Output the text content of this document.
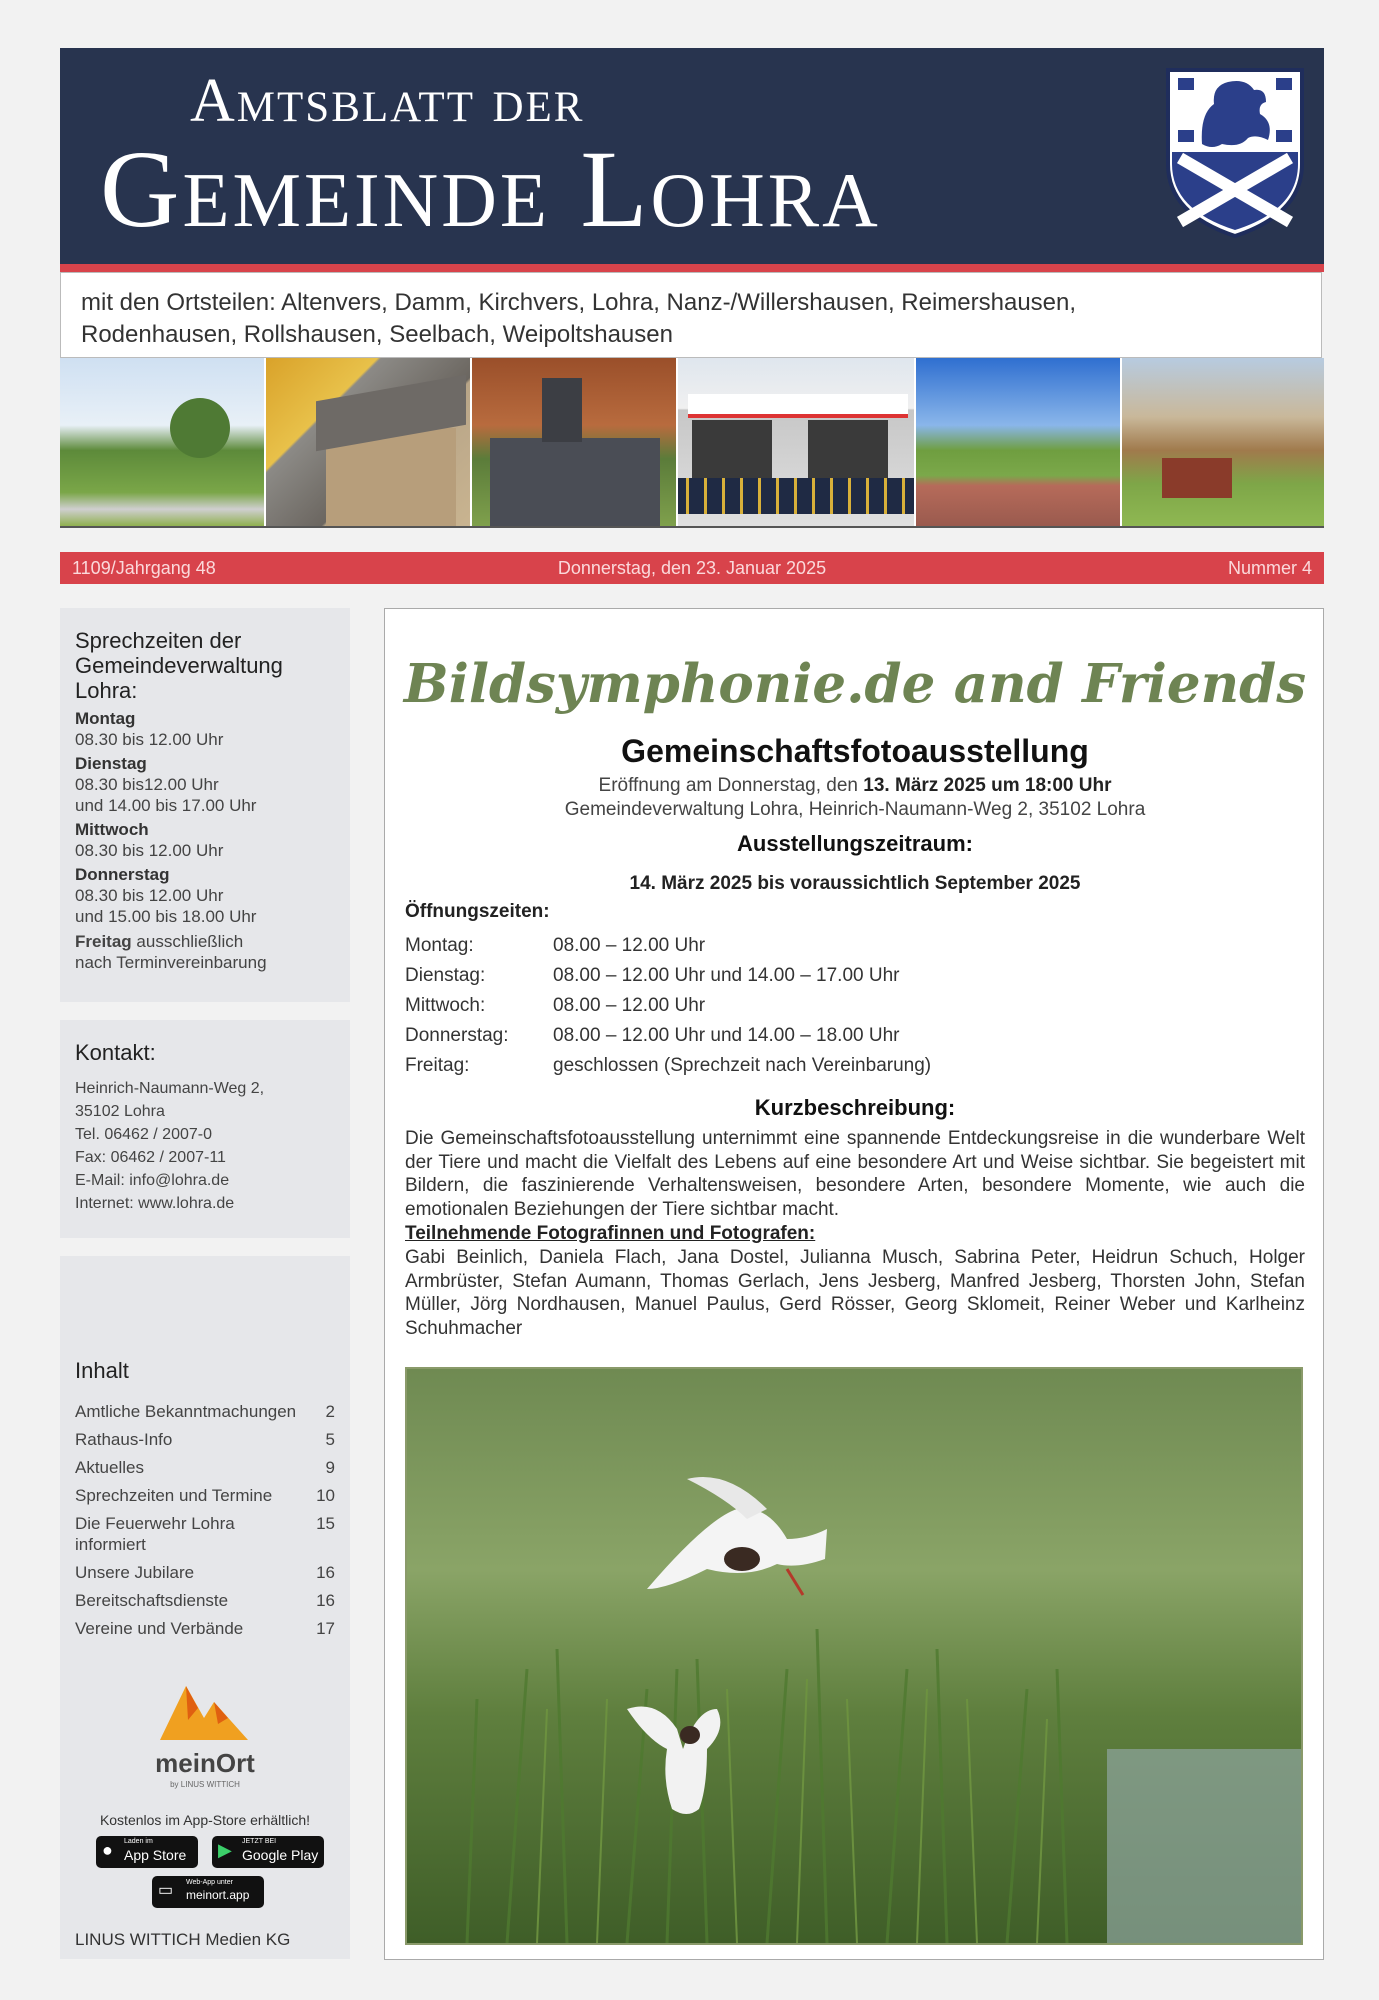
Amtsblatt der
Gemeinde Lohra
mit den Ortsteilen: Altenvers, Damm, Kirchvers, Lohra, Nanz-/Willershausen, Reimershausen,
Rodenhausen, Rollshausen, Seelbach, Weipoltshausen
1109/Jahrgang 48	Donnerstag, den 23. Januar 2025	Nummer 4
Sprechzeiten der Gemeindeverwaltung Lohra:
Montag
08.30 bis 12.00 Uhr
Dienstag
08.30 bis12.00 Uhr
und 14.00 bis 17.00 Uhr
Mittwoch
08.30 bis 12.00 Uhr
Donnerstag
08.30 bis 12.00 Uhr
und 15.00 bis 18.00 Uhr
Freitag ausschließlich
nach Terminvereinbarung
Kontakt:
Heinrich-Naumann-Weg 2,
35102 Lohra
Tel. 06462 / 2007-0
Fax: 06462 / 2007-11
E-Mail: info@lohra.de
Internet: www.lohra.de
Inhalt
Amtliche Bekanntmachungen	2
Rathaus-Info	5
Aktuelles	9
Sprechzeiten und Termine	10
Die Feuerwehr Lohra informiert
15
Unsere Jubilare	16
Bereitschaftsdienste	16
Vereine und Verbände	17
meinOrt
by LINUS WITTICH
Kostenlos im App-Store erhältlich!
● Laden im
App Store ▶ JETZT BEI
Google Play
▭ Web-App unter
meinort.app
LINUS WITTICH Medien KG
Bildsymphonie.de and Friends
Gemeinschaftsfotoausstellung
Eröffnung am Donnerstag, den 13. März 2025 um 18:00 Uhr
Gemeindeverwaltung Lohra, Heinrich-Naumann-Weg 2, 35102 Lohra
Ausstellungszeitraum:
14. März 2025 bis voraussichtlich September 2025
Öffnungszeiten:
Montag:	08.00 – 12.00 Uhr
Dienstag:	08.00 – 12.00 Uhr und 14.00 – 17.00 Uhr
Mittwoch:	08.00 – 12.00 Uhr
Donnerstag: 08.00 – 12.00 Uhr und 14.00 – 18.00 Uhr
Freitag:	geschlossen (Sprechzeit nach Vereinbarung)
Kurzbeschreibung:
Die Gemeinschaftsfotoausstellung unternimmt eine spannende Entdeckungsreise in die wunderbare Welt der Tiere und macht die Vielfalt des Lebens auf eine besondere Art und Weise sichtbar. Sie begeistert mit Bildern, die faszinierende Verhaltensweisen, besondere Arten, besondere Momente, wie auch die emotionalen Beziehungen der Tiere sichtbar macht.
Teilnehmende Fotografinnen und Fotografen:
Gabi Beinlich, Daniela Flach, Jana Dostel, Julianna Musch, Sabrina Peter, Heidrun Schuch, Holger Armbrüster, Stefan Aumann, Thomas Gerlach, Jens Jesberg, Manfred Jesberg, Thorsten John, Stefan Müller, Jörg Nordhausen, Manuel Paulus, Gerd Rösser, Georg Sklomeit, Reiner Weber und Karlheinz Schuhmacher
